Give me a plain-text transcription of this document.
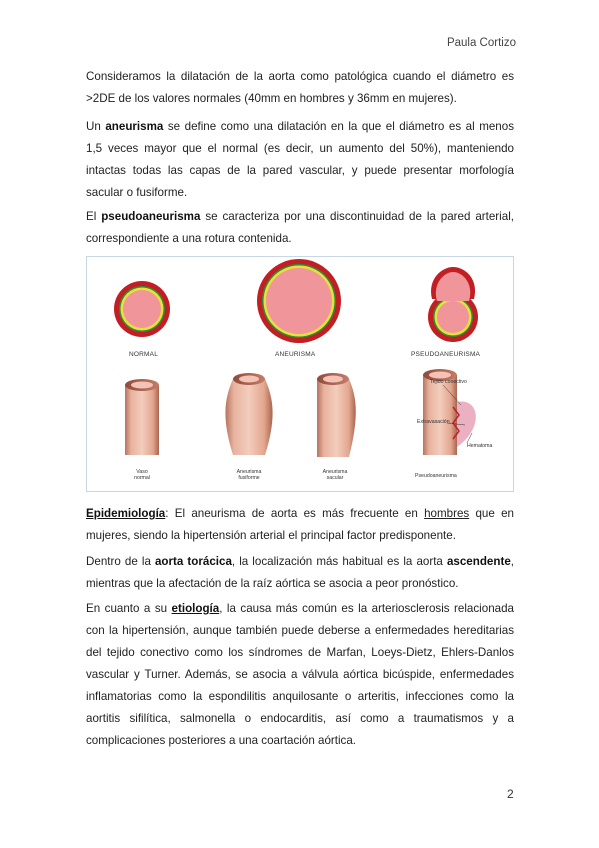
Paula Cortizo
Consideramos la dilatación de la aorta como patológica cuando el diámetro es >2DE de los valores normales (40mm en hombres y 36mm en mujeres).
Un aneurisma se define como una dilatación en la que el diámetro es al menos 1,5 veces mayor que el normal (es decir, un aumento del 50%), manteniendo intactas todas las capas de la pared vascular, y puede presentar morfología sacular o fusiforme.
El pseudoaneurisma se caracteriza por una discontinuidad de la pared arterial, correspondiente a una rotura contenida.
NORMAL	ANEURISMA	PSEUDOANEURISMA
Vaso
normal
Aneurisma
fusiforme
Aneurisma
sacular
Tejido conectivo
Extravasación
Hematoma
Pseudoaneurisma
Epidemiología: El aneurisma de aorta es más frecuente en hombres que en mujeres, siendo la hipertensión arterial el principal factor predisponente.
Dentro de la aorta torácica, la localización más habitual es la aorta ascendente, mientras que la afectación de la raíz aórtica se asocia a peor pronóstico.
En cuanto a su etiología, la causa más común es la arteriosclerosis relacionada con la hipertensión, aunque también puede deberse a enfermedades hereditarias del tejido conectivo como los síndromes de Marfan, Loeys-Dietz, Ehlers-Danlos vascular y Turner. Además, se asocia a válvula aórtica bicúspide, enfermedades inflamatorias como la espondilitis anquilosante o arteritis, infecciones como la aortitis sifilítica, salmonella o endocarditis, así como a traumatismos y a complicaciones posteriores a una coartación aórtica.
2
